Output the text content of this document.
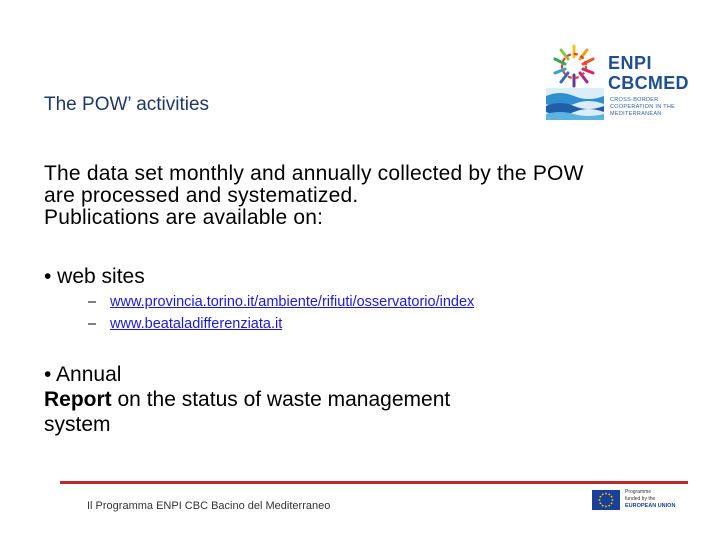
ENPI
CBCMED
CROSS-BORDER COOPERATION IN THE MEDITERRANEAN
The POW’ activities
The data set monthly and annually collected by the POW
are processed and systematized.
Publications are available on:
• web sites
– www.provincia.torino.it/ambiente/rifiuti/osservatorio/index
– www.beataladifferenziata.it
• Annual
Report on the status of waste management
system
Il Programma ENPI CBC Bacino del Mediterraneo
Programme
funded by the
EUROPEAN UNION
